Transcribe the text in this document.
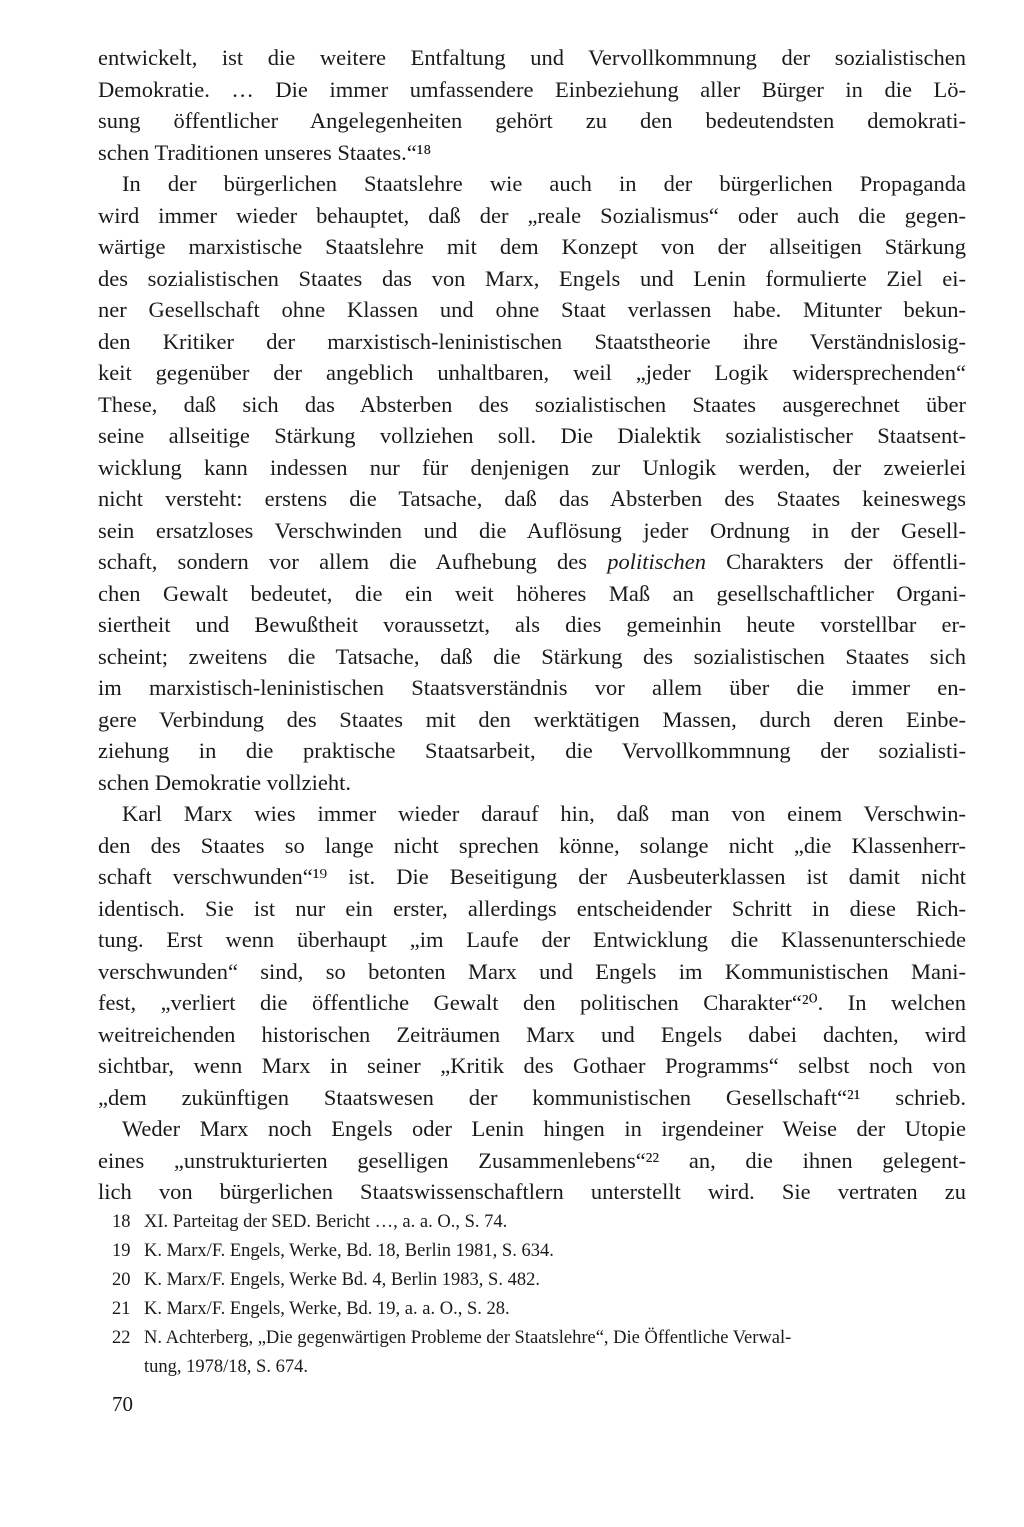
entwickelt, ist die weitere Entfaltung und Vervollkommnung der sozialistischen
Demokratie. … Die immer umfassendere Einbeziehung aller Bürger in die Lö-
sung öffentlicher Angelegenheiten gehört zu den bedeutendsten demokrati-
schen Traditionen unseres Staates.“¹⁸
In der bürgerlichen Staatslehre wie auch in der bürgerlichen Propaganda
wird immer wieder behauptet, daß der „reale Sozialismus“ oder auch die gegen-
wärtige marxistische Staatslehre mit dem Konzept von der allseitigen Stärkung
des sozialistischen Staates das von Marx, Engels und Lenin formulierte Ziel ei-
ner Gesellschaft ohne Klassen und ohne Staat verlassen habe. Mitunter bekun-
den Kritiker der marxistisch-leninistischen Staatstheorie ihre Verständnislosig-
keit gegenüber der angeblich unhaltbaren, weil „jeder Logik widersprechenden“
These, daß sich das Absterben des sozialistischen Staates ausgerechnet über
seine allseitige Stärkung vollziehen soll. Die Dialektik sozialistischer Staatsent-
wicklung kann indessen nur für denjenigen zur Unlogik werden, der zweierlei
nicht versteht: erstens die Tatsache, daß das Absterben des Staates keineswegs
sein ersatzloses Verschwinden und die Auflösung jeder Ordnung in der Gesell-
schaft, sondern vor allem die Aufhebung des politischen Charakters der öffentli-
chen Gewalt bedeutet, die ein weit höheres Maß an gesellschaftlicher Organi-
siertheit und Bewußtheit voraussetzt, als dies gemeinhin heute vorstellbar er-
scheint; zweitens die Tatsache, daß die Stärkung des sozialistischen Staates sich
im marxistisch-leninistischen Staatsverständnis vor allem über die immer en-
gere Verbindung des Staates mit den werktätigen Massen, durch deren Einbe-
ziehung in die praktische Staatsarbeit, die Vervollkommnung der sozialisti-
schen Demokratie vollzieht.
Karl Marx wies immer wieder darauf hin, daß man von einem Verschwin-
den des Staates so lange nicht sprechen könne, solange nicht „die Klassenherr-
schaft verschwunden“¹⁹ ist. Die Beseitigung der Ausbeuterklassen ist damit nicht
identisch. Sie ist nur ein erster, allerdings entscheidender Schritt in diese Rich-
tung. Erst wenn überhaupt „im Laufe der Entwicklung die Klassenunterschiede
verschwunden“ sind, so betonten Marx und Engels im Kommunistischen Mani-
fest, „verliert die öffentliche Gewalt den politischen Charakter“²⁰. In welchen
weitreichenden historischen Zeiträumen Marx und Engels dabei dachten, wird
sichtbar, wenn Marx in seiner „Kritik des Gothaer Programms“ selbst noch von
„dem zukünftigen Staatswesen der kommunistischen Gesellschaft“²¹ schrieb.
Weder Marx noch Engels oder Lenin hingen in irgendeiner Weise der Utopie
eines „unstrukturierten geselligen Zusammenlebens“²² an, die ihnen gelegent-
lich von bürgerlichen Staatswissenschaftlern unterstellt wird. Sie vertraten zu
18 XI. Parteitag der SED. Bericht …, a. a. O., S. 74.
19 K. Marx/F. Engels, Werke, Bd. 18, Berlin 1981, S. 634.
20 K. Marx/F. Engels, Werke Bd. 4, Berlin 1983, S. 482.
21 K. Marx/F. Engels, Werke, Bd. 19, a. a. O., S. 28.
22 N. Achterberg, „Die gegenwärtigen Probleme der Staatslehre“, Die Öffentliche Verwal-
tung, 1978/18, S. 674.
70
